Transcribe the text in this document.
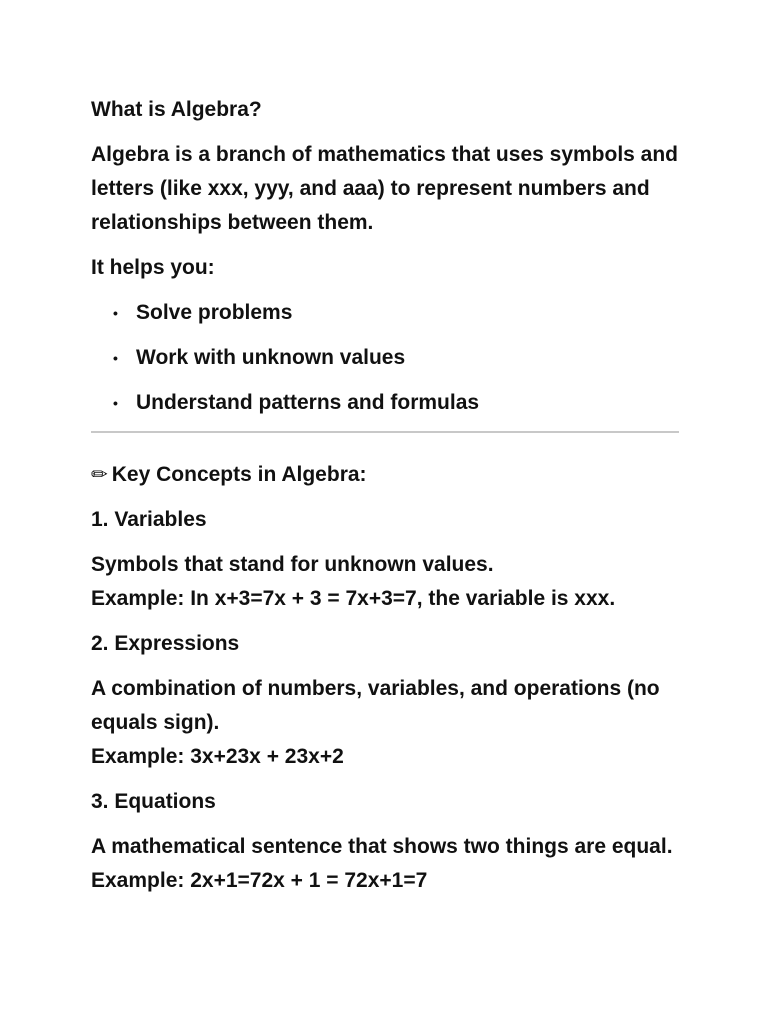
What is Algebra?

Algebra is a branch of mathematics that uses symbols and letters (like xxx, yyy, and aaa) to represent numbers and relationships between them.

It helps you:

• Solve problems
• Work with unknown values
• Understand patterns and formulas

✏ Key Concepts in Algebra:

1. Variables

Symbols that stand for unknown values.
Example: In x+3=7x + 3 = 7x+3=7, the variable is xxx.

2. Expressions

A combination of numbers, variables, and operations (no equals sign).
Example: 3x+23x + 23x+2

3. Equations

A mathematical sentence that shows two things are equal.
Example: 2x+1=72x + 1 = 72x+1=7
